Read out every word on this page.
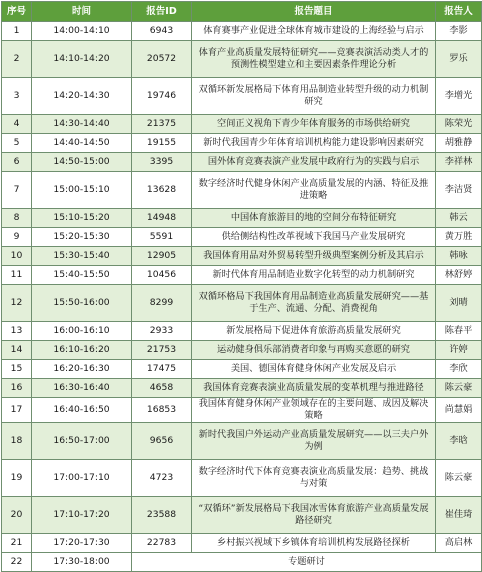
序号	时间	报告ID	报告题目	报告人
1	14:00-14:10	6943	体育赛事产业促进全球体育城市建设的上海经验与启示	李影
2	14:10-14:20	20572	体育产业高质量发展特征研究——竞赛表演活动类人才的预测性模型建立和主要因素条件理论分析	罗乐
3	14:20-14:30	19746	双循环新发展格局下体育用品制造业转型升级的动力机制研究	李增光
4	14:30-14:40	21375	空间正义视角下青少年体育服务的市场供给研究	陈荣光
5	14:40-14:50	19155	新时代我国青少年体育培训机构能力建设影响因素研究	胡雅静
6	14:50-15:00	3395	国外体育竞赛表演产业发展中政府行为的实践与启示	李祥林
7	15:00-15:10	13628	数字经济时代健身休闲产业高质量发展的内涵、特征及推进策略	李洁贤
8	15:10-15:20	14948	中国体育旅游目的地的空间分布特征研究	韩云
9	15:20-15:30	5591	供给侧结构性改革视域下我国马产业发展研究	黄万胜
10	15:30-15:40	12905	我国体育用品对外贸易转型升级典型案例分析及其启示	韩咏
11	15:40-15:50	10456	新时代体育用品制造业数字化转型的动力机制研究	林舒婷
12	15:50-16:00	8299	双循环格局下我国体育用品制造业高质量发展研究——基于生产、流通、分配、消费视角	刘晴
13	16:00-16:10	2933	新发展格局下促进体育旅游高质量发展研究	陈春平
14	16:10-16:20	21753	运动健身俱乐部消费者印象与再购买意愿的研究	许婷
15	16:20-16:30	17475	美国、德国体育健身休闲产业发展及启示	李欣
16	16:30-16:40	4658	我国体育竞赛表演业高质量发展的变革机理与推进路径	陈云豪
17	16:40-16:50	16853	我国体育健身休闲产业领域存在的主要问题、成因及解决策略	尚慧娟
18	16:50-17:00	9656	新时代我国户外运动产业高质量发展研究——以三夫户外为例	李晗
19	17:00-17:10	4723	数字经济时代下体育竞赛表演业高质量发展：趋势、挑战与对策	陈云豪
20	17:10-17:20	23588	“双循环”新发展格局下我国冰雪体育旅游产业高质量发展路径研究	崔佳琦
21	17:20-17:30	22783	乡村振兴视域下乡镇体育培训机构发展路径探析	高启林
22	17:30-18:00	专题研讨		
